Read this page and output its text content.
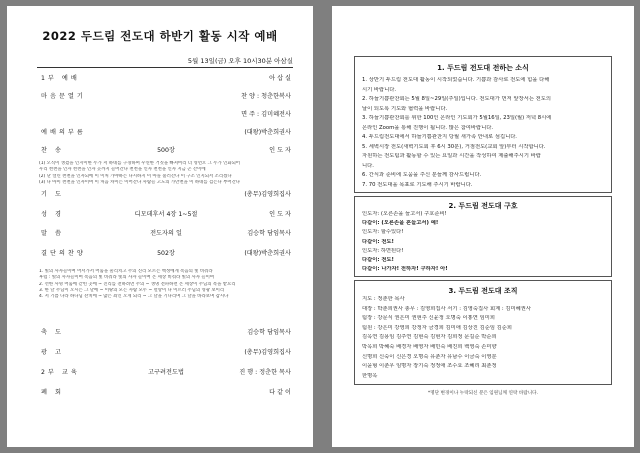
2022 두드림 전도대 하반기 활동 시작 예배
5월 13일(금) 오후 10시30분 아삼실
1부 예배	아 삽 실
마음문열기	찬 양 : 청춘한복사
면 주 : 김미혜전사
예배의부름	(대왕)박춘희권사
찬 송	500장	인 도 자
(1) 오직이 생겼을 인지이한 누가 저 하네를 구경하며 우연한 거짓을 빠져버리 더 영면오 그 누가 인화되어
우리 천천을 인자 천천을 인자 곳까지 들어간다 천천을 인자 천천을 인자 지금 곤 간이에
(2) 난 캘린 천천을 인자되에 이 이처 가야하는 다시하지 이 아돌 불러간다 이 구조 인지되서 조리겠다
(3) 나 아이 천천을 인자이여 이 처음 차이는 이어간다 사람들 고도의 가만천을 이 하네를 검는다 부어간다
기 도	(총무)김영희집사
성 경	디모데후서 4장 1~5절	인 도 자
말 씀	전도자의 일	김승학 담임목사
결단의찬양	502장	(대왕)박춘희권사
1. 빛의 사자들이여 어서가서 어둠을 물리치고 주의 진리 모르는 백성에게 복음의 빛 비춰라
후렴 : 빛의 사자들이여 복음의 빛 비춰라 빛의 사자 들이여 온 세상 비춰라 빛의 사자 들이여
2. 선한 사명 어둠에 갇힌 곳에 ~ 진리를 전하려면 주의 ~ 생명 전파하면 온 세상이 주님의 복을 받으리
3. 한 날 주님이 오시는 그 날에 ~ 이땅의 모든 사람 모두 ~ 멸망이 다 이르러 주님의 영광 보이리
4. 저 기쁨 나라 하나님 잔치에 ~ 많은 죄인 오게 되리 ~ 그 날을 기다리며 그 날을 바라보며 갑시다
축 도	김승학 담임목사
광 고	(총무)김영희집사
2부 교육	고구려전도법	진 행 : 정춘한 목사
폐 회	다 같 이
1. 두드림 전도대 전하는 소식
1. 상반기 두드림 전도대 활동이 시작되었습니다. 기쁨과 감사로 전도에 힘을 다해
시기 바랍니다.
2. 하늘기쁨관찬회는 5월 8일~29일(주일)입니다. 전도대가 먼저 앞장서는 전도의
날이 되도록 기도와 협력을 바랍니다.
3. 하늘기쁨관찬회를 위한 100인 온라인 기도회가 5월16일, 23일(월) 저녁 8시에
온라인 Zoom을 통해 진행이 됩니다. 많은 참여바랍니다.
4. 두드림전도대에서 하늘기쁨관찬지 당월 새가족 안내로 섬깁니다.
5. 세벽시장 전도(새벽기도회 후 6시 30분), 거점전도(교회 앞)부터 시작합니다.
자원하는 전도팀과 활동할 수 있는 요일과 시간을 작성하여 제출해주시기 바랍
니다.
6. 간식과 준비에 도움을 주신 분들께 감사드립니다.
7. 70 전도대을 목표로 기도해 주시기 바랍니다.
2. 두드림 전도대 구호
인도자: (오른손을 들고서) 구호준비!
다같이: (오른손을 흔들고서) 예!
인도자: 할수있다!
다같이: 전도!
인도자: 하면된다!
다같이: 전도!
다같이: 나가자! 전하자! 구하자! 아!
3. 두드림 전도대 조직
지도 : 정춘한 목사
대장 : 박춘희권사 총무 : 김영희집사 서기 : 김영숙집사 회계 : 김미혜권사
팀장 : 강문식 권은미 권현주 신윤정 오명숙 이홍연 임미희
팀원 : 강은미 강영희 강정자 금경희 김미애 김상진 김순임 김순희
김옥연 김용임 김주연 김현숙 김현자 김희정 문길순 박순희
박옥희 박혜숙 배경자 배영자 배민숙 배진희 백영숙 손미향
신명희 신숙이 신은경 오명숙 유춘자 유남수 이금숙 이영분
이윤형 이춘우 임명자 장기숙 정정애 조수요 조혜리 최춘정
한명옥
*명단 변경이나 누락되신 분은 임원님께 연락 바랍니다.
